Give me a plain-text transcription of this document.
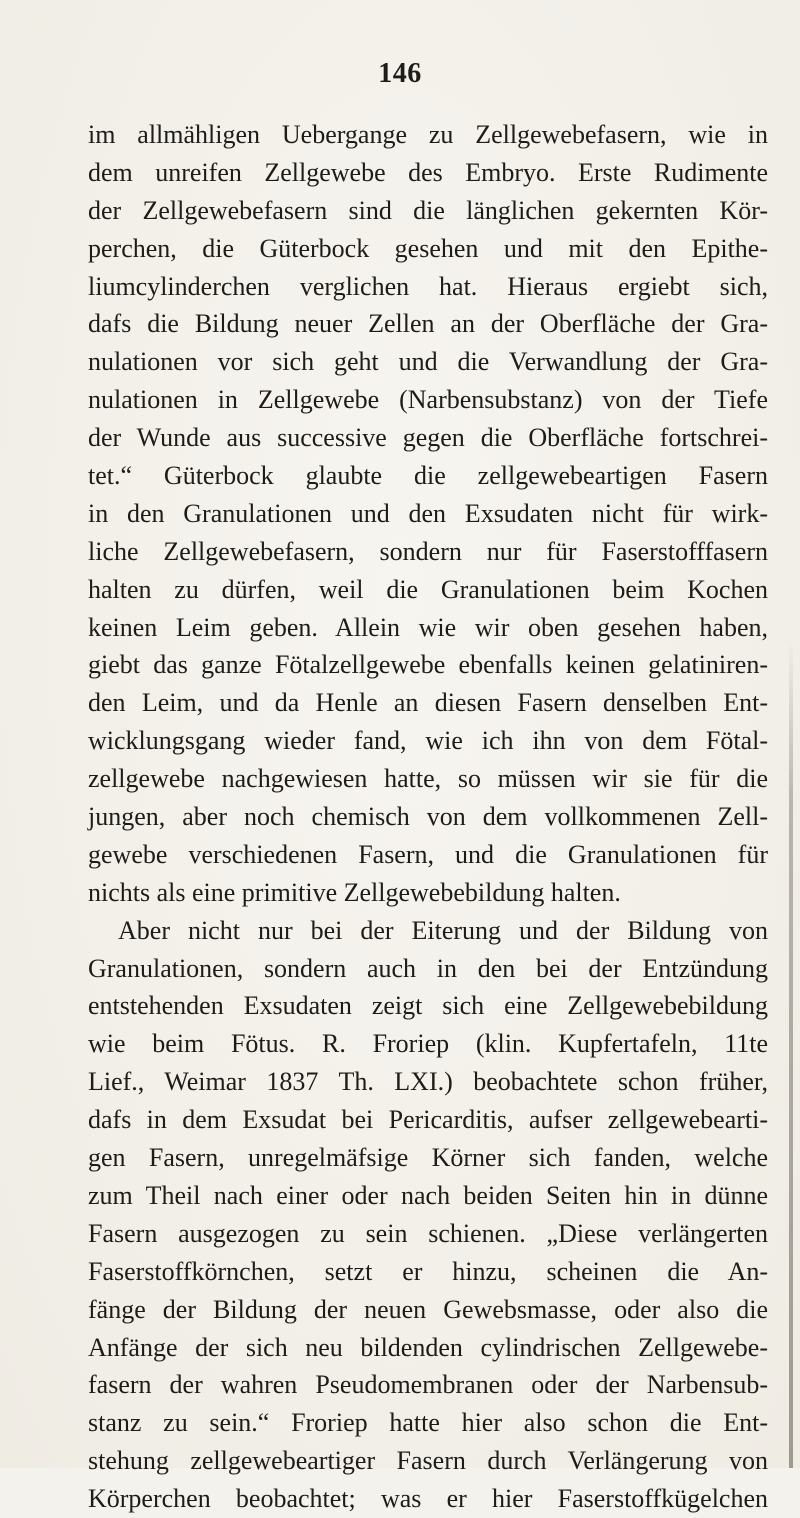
146
im allmähligen Uebergange zu Zellgewebefasern, wie in
dem unreifen Zellgewebe des Embryo. Erste Rudimente
der Zellgewebefasern sind die länglichen gekernten Kör-
perchen, die Güterbock gesehen und mit den Epithe-
liumcylinderchen verglichen hat. Hieraus ergiebt sich,
dafs die Bildung neuer Zellen an der Oberfläche der Gra-
nulationen vor sich geht und die Verwandlung der Gra-
nulationen in Zellgewebe (Narbensubstanz) von der Tiefe
der Wunde aus successive gegen die Oberfläche fortschrei-
tet.“ Güterbock glaubte die zellgewebeartigen Fasern
in den Granulationen und den Exsudaten nicht für wirk-
liche Zellgewebefasern, sondern nur für Faserstofffasern
halten zu dürfen, weil die Granulationen beim Kochen
keinen Leim geben. Allein wie wir oben gesehen haben,
giebt das ganze Fötalzellgewebe ebenfalls keinen gelatiniren-
den Leim, und da Henle an diesen Fasern denselben Ent-
wicklungsgang wieder fand, wie ich ihn von dem Fötal-
zellgewebe nachgewiesen hatte, so müssen wir sie für die
jungen, aber noch chemisch von dem vollkommenen Zell-
gewebe verschiedenen Fasern, und die Granulationen für
nichts als eine primitive Zellgewebebildung halten.
Aber nicht nur bei der Eiterung und der Bildung von
Granulationen, sondern auch in den bei der Entzündung
entstehenden Exsudaten zeigt sich eine Zellgewebebildung
wie beim Fötus. R. Froriep (klin. Kupfertafeln, 11te
Lief., Weimar 1837 Th. LXI.) beobachtete schon früher,
dafs in dem Exsudat bei Pericarditis, aufser zellgewebearti-
gen Fasern, unregelmäfsige Körner sich fanden, welche
zum Theil nach einer oder nach beiden Seiten hin in dünne
Fasern ausgezogen zu sein schienen. „Diese verlängerten
Faserstoffkörnchen, setzt er hinzu, scheinen die An-
fänge der Bildung der neuen Gewebsmasse, oder also die
Anfänge der sich neu bildenden cylindrischen Zellgewebe-
fasern der wahren Pseudomembranen oder der Narbensub-
stanz zu sein.“ Froriep hatte hier also schon die Ent-
stehung zellgewebeartiger Fasern durch Verlängerung von
Körperchen beobachtet; was er hier Faserstoffkügelchen
